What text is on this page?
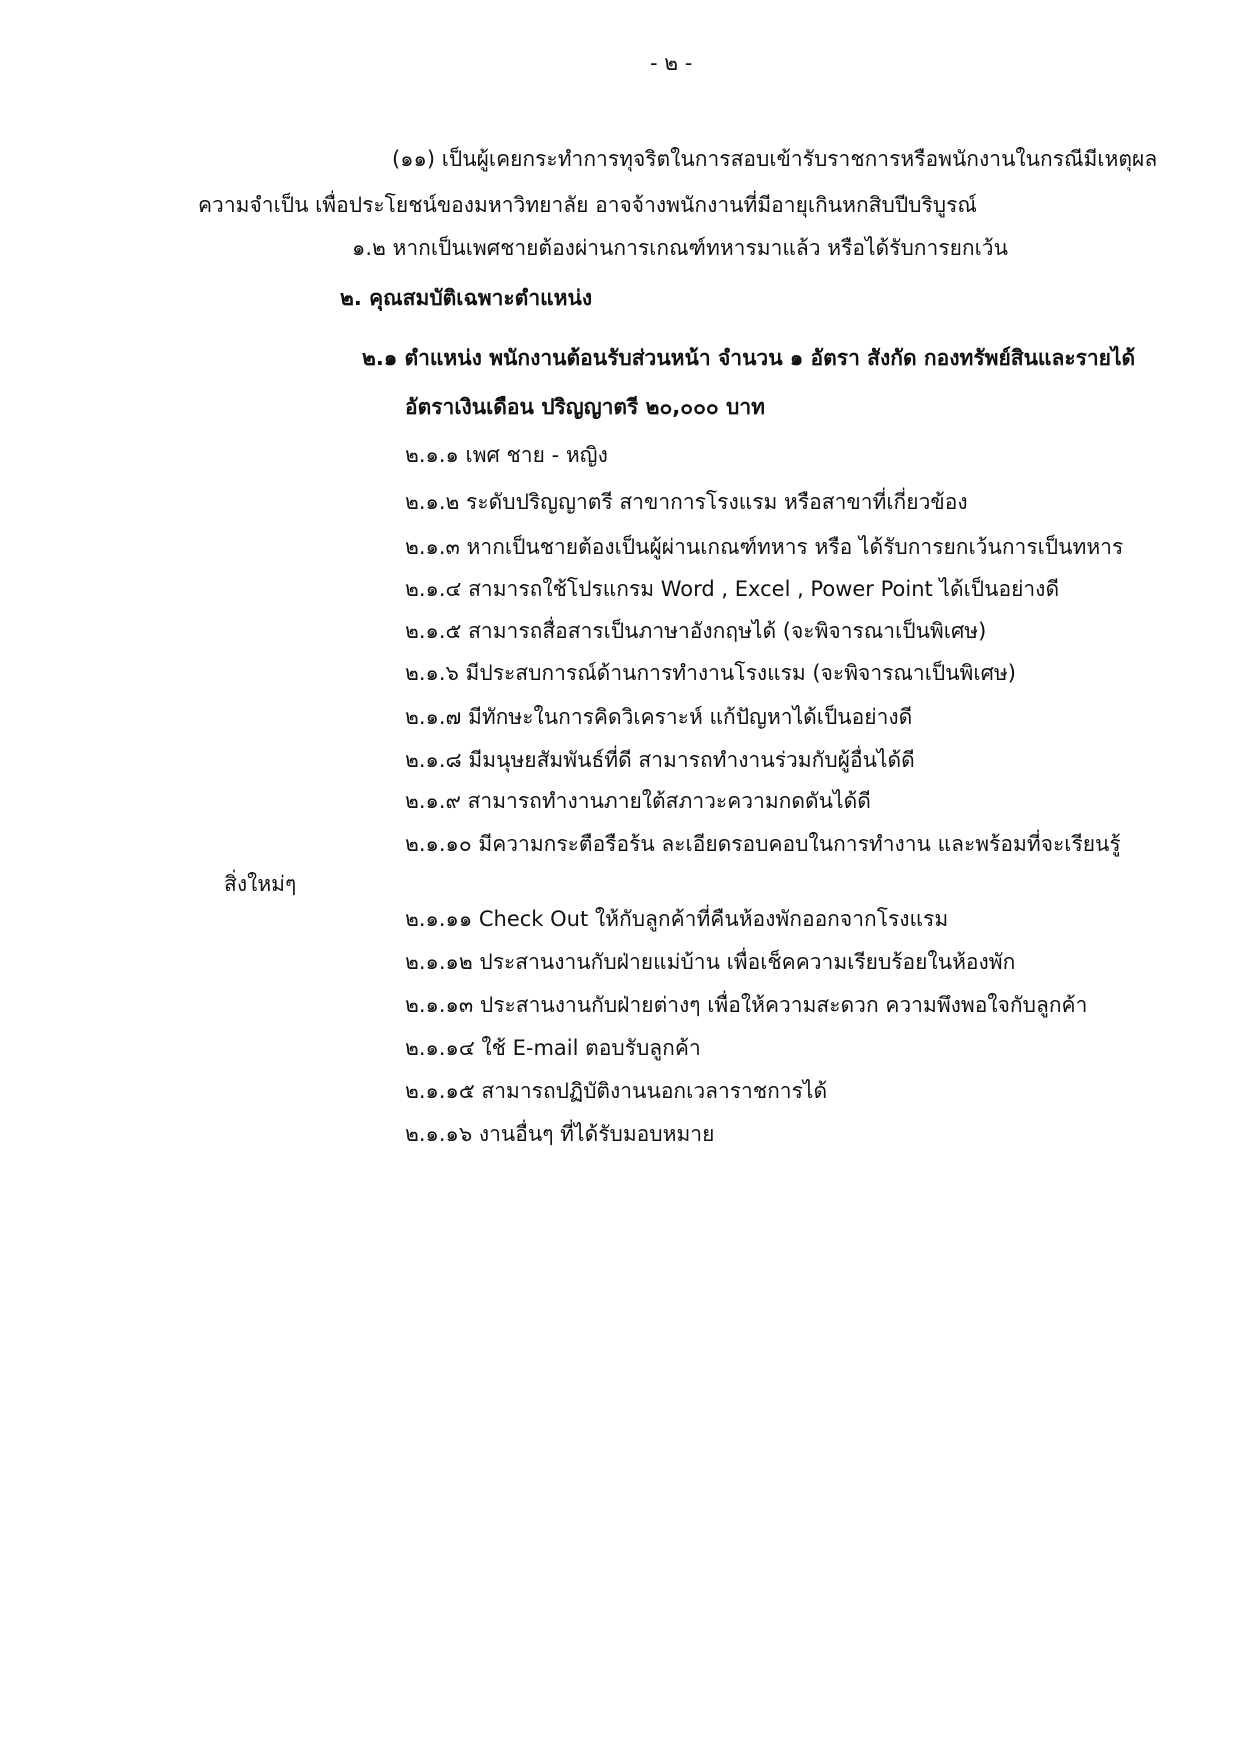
- ๒ -
(๑๑) เป็นผู้เคยกระทำการทุจริตในการสอบเข้ารับราชการหรือพนักงานในกรณีมีเหตุผล
ความจำเป็น เพื่อประโยชน์ของมหาวิทยาลัย อาจจ้างพนักงานที่มีอายุเกินหกสิบปีบริบูรณ์
๑.๒ หากเป็นเพศชายต้องผ่านการเกณฑ์ทหารมาแล้ว หรือได้รับการยกเว้น
๒. คุณสมบัติเฉพาะตำแหน่ง
๒.๑ ตำแหน่ง พนักงานต้อนรับส่วนหน้า จำนวน ๑ อัตรา สังกัด กองทรัพย์สินและรายได้
อัตราเงินเดือน ปริญญาตรี ๒๐,๐๐๐ บาท
๒.๑.๑ เพศ ชาย - หญิง
๒.๑.๒ ระดับปริญญาตรี สาขาการโรงแรม หรือสาขาที่เกี่ยวข้อง
๒.๑.๓ หากเป็นชายต้องเป็นผู้ผ่านเกณฑ์ทหาร หรือ ได้รับการยกเว้นการเป็นทหาร
๒.๑.๔ สามารถใช้โปรแกรม Word , Excel , Power Point ได้เป็นอย่างดี
๒.๑.๕ สามารถสื่อสารเป็นภาษาอังกฤษได้ (จะพิจารณาเป็นพิเศษ)
๒.๑.๖ มีประสบการณ์ด้านการทำงานโรงแรม (จะพิจารณาเป็นพิเศษ)
๒.๑.๗ มีทักษะในการคิดวิเคราะห์ แก้ปัญหาได้เป็นอย่างดี
๒.๑.๘ มีมนุษยสัมพันธ์ที่ดี สามารถทำงานร่วมกับผู้อื่นได้ดี
๒.๑.๙ สามารถทำงานภายใต้สภาวะความกดดันได้ดี
๒.๑.๑๐ มีความกระตือรือร้น ละเอียดรอบคอบในการทำงาน และพร้อมที่จะเรียนรู้
สิ่งใหม่ๆ
๒.๑.๑๑ Check Out ให้กับลูกค้าที่คืนห้องพักออกจากโรงแรม
๒.๑.๑๒ ประสานงานกับฝ่ายแม่บ้าน เพื่อเช็คความเรียบร้อยในห้องพัก
๒.๑.๑๓ ประสานงานกับฝ่ายต่างๆ เพื่อให้ความสะดวก ความพึงพอใจกับลูกค้า
๒.๑.๑๔ ใช้ E-mail ตอบรับลูกค้า
๒.๑.๑๕ สามารถปฏิบัติงานนอกเวลาราชการได้
๒.๑.๑๖ งานอื่นๆ ที่ได้รับมอบหมาย
